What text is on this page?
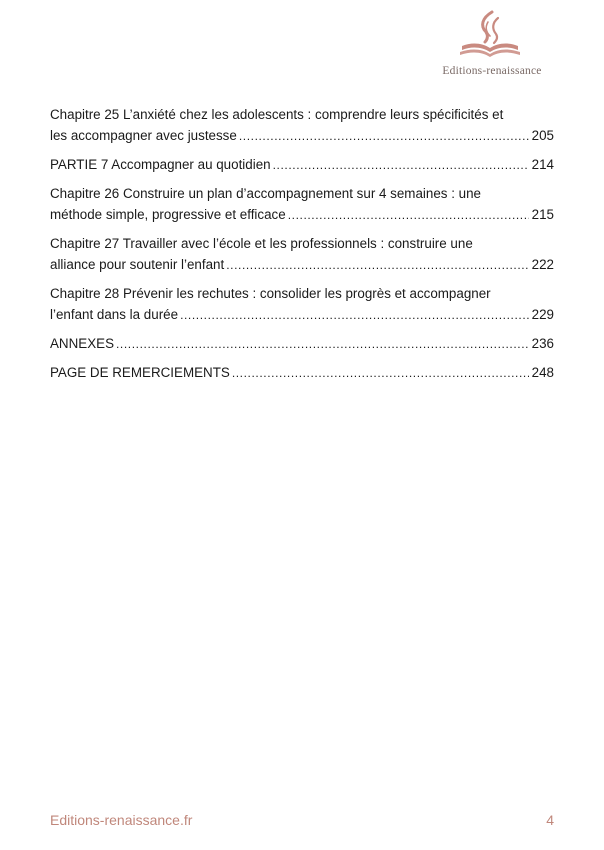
Editions-renaissance
Chapitre 25 L’anxiété chez les adolescents : comprendre leurs spécificités et
les accompagner avec justesse .....	205
PARTIE 7 Accompagner au quotidien .....	214
Chapitre 26 Construire un plan d’accompagnement sur 4 semaines : une
méthode simple, progressive et efficace .....	215
Chapitre 27 Travailler avec l’école et les professionnels : construire une
alliance pour soutenir l’enfant .....	222
Chapitre 28 Prévenir les rechutes : consolider les progrès et accompagner
l’enfant dans la durée .....	229
ANNEXES .....	236
PAGE DE REMERCIEMENTS .....	248
Editions-renaissance.fr	4
